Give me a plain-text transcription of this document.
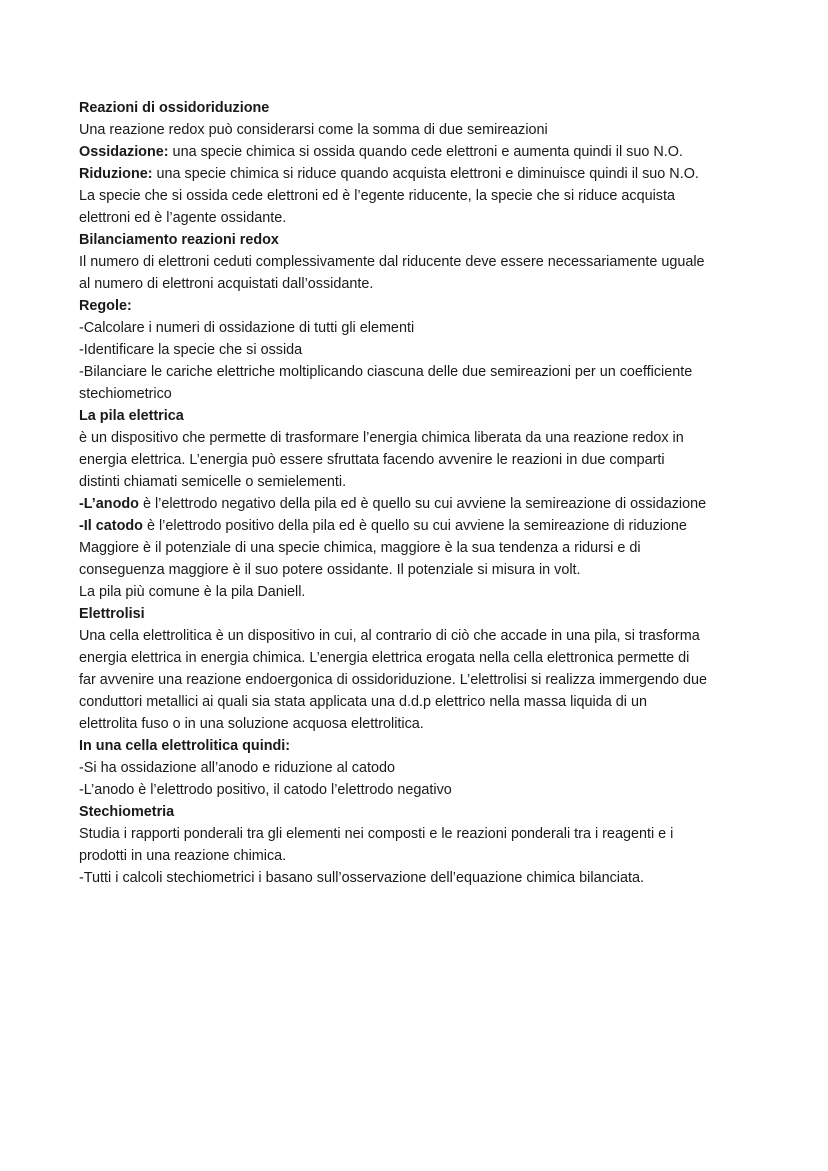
Reazioni di ossidoriduzione
Una reazione redox può considerarsi come la somma di due semireazioni
Ossidazione: una specie chimica si ossida quando cede elettroni e aumenta quindi il suo N.O.
Riduzione: una specie chimica si riduce quando acquista elettroni e diminuisce quindi il suo N.O.
La specie che si ossida cede elettroni ed è l’egente riducente, la specie che si riduce acquista
elettroni ed è l’agente ossidante.
Bilanciamento reazioni redox
Il numero di elettroni ceduti complessivamente dal riducente deve essere necessariamente uguale
al numero di elettroni acquistati dall’ossidante.
Regole:
-Calcolare i numeri di ossidazione di tutti gli elementi
-Identificare la specie che si ossida
-Bilanciare le cariche elettriche moltiplicando ciascuna delle due semireazioni per un coefficiente
stechiometrico
La pila elettrica
è un dispositivo che permette di trasformare l’energia chimica liberata da una reazione redox in
energia elettrica. L’energia può essere sfruttata facendo avvenire le reazioni in due comparti
distinti chiamati semicelle o semielementi.
-L’anodo è l’elettrodo negativo della pila ed è quello su cui avviene la semireazione di ossidazione
-Il catodo è l’elettrodo positivo della pila ed è quello su cui avviene la semireazione di riduzione
Maggiore è il potenziale di una specie chimica, maggiore è la sua tendenza a ridursi e di
conseguenza maggiore è il suo potere ossidante. Il potenziale si misura in volt.
La pila più comune è la pila Daniell.
Elettrolisi
Una cella elettrolitica è un dispositivo in cui, al contrario di ciò che accade in una pila, si trasforma
energia elettrica in energia chimica. L’energia elettrica erogata nella cella elettronica permette di
far avvenire una reazione endoergonica di ossidoriduzione. L’elettrolisi si realizza immergendo due
conduttori metallici ai quali sia stata applicata una d.d.p elettrico nella massa liquida di un
elettrolita fuso o in una soluzione acquosa elettrolitica.
In una cella elettrolitica quindi:
-Si ha ossidazione all’anodo e riduzione al catodo
-L’anodo è l’elettrodo positivo, il catodo l’elettrodo negativo
Stechiometria
Studia i rapporti ponderali tra gli elementi nei composti e le reazioni ponderali tra i reagenti e i
prodotti in una reazione chimica.
-Tutti i calcoli stechiometrici i basano sull’osservazione dell’equazione chimica bilanciata.
